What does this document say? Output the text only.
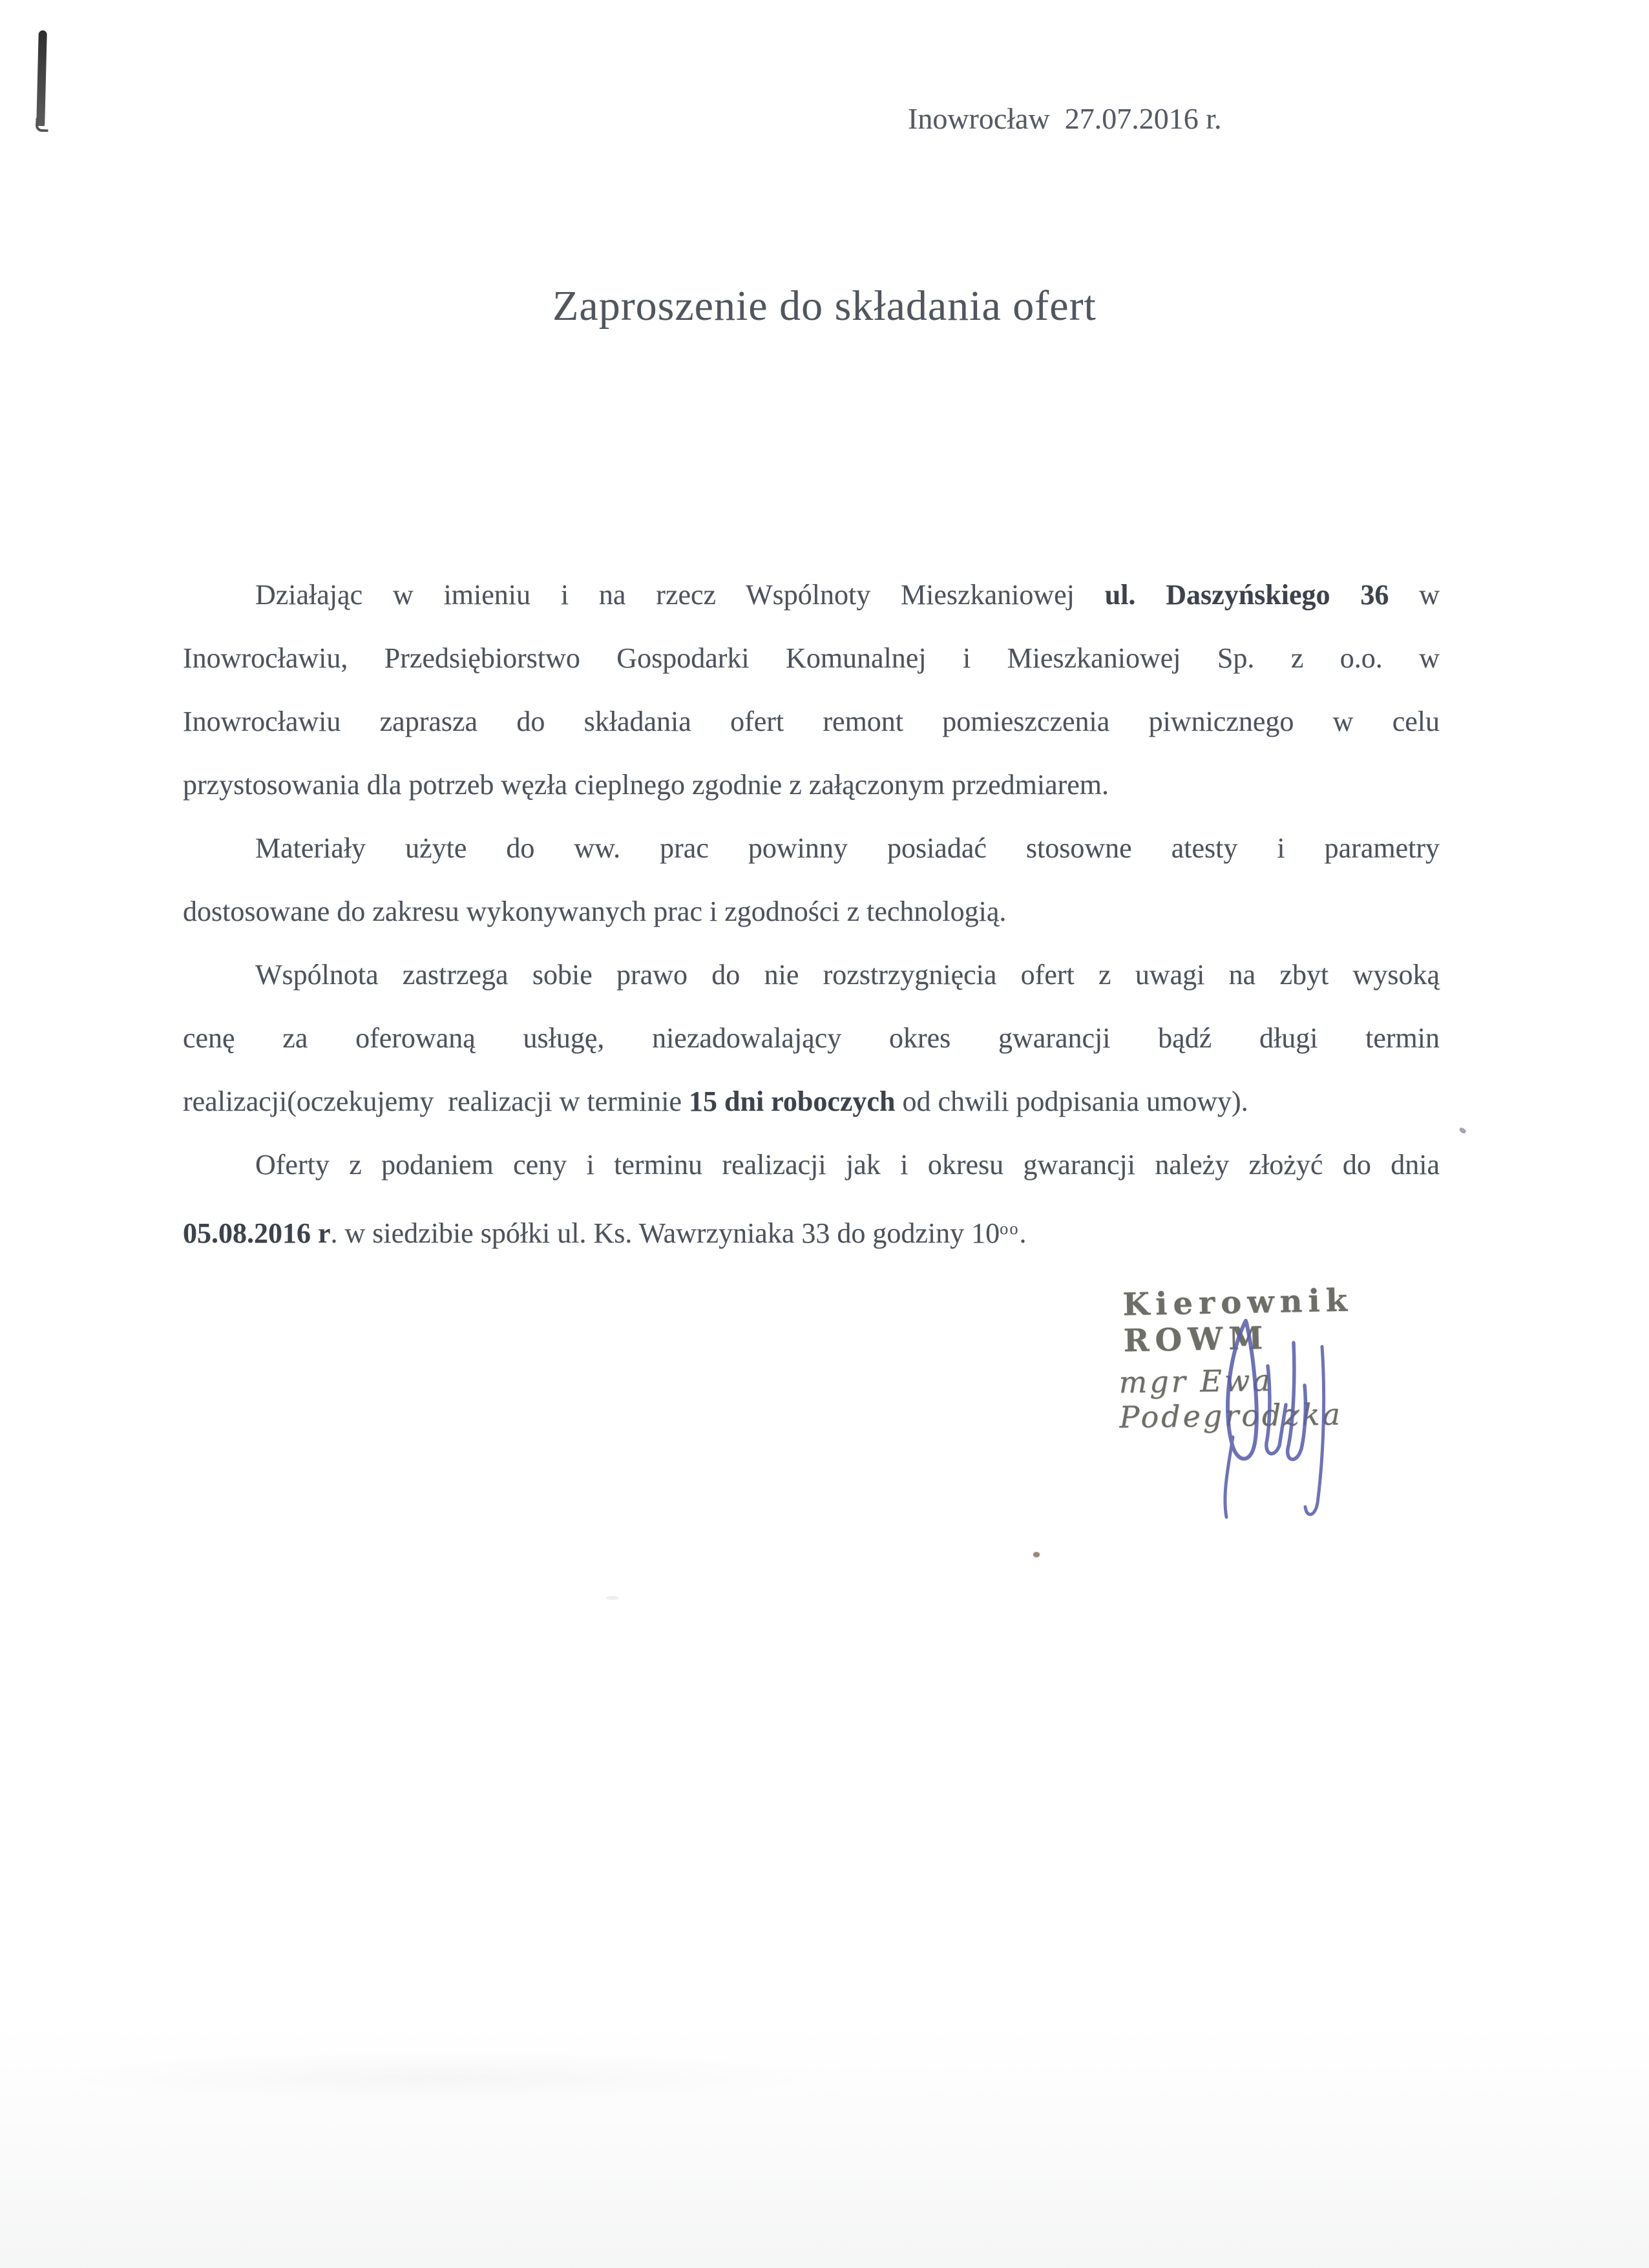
Inowrocław  27.07.2016 r.
Zaproszenie do składania ofert
Działając w imieniu i na rzecz Wspólnoty Mieszkaniowej ul. Daszyńskiego 36 w
Inowrocławiu, Przedsiębiorstwo Gospodarki Komunalnej i Mieszkaniowej Sp. z o.o. w
Inowrocławiu zaprasza do składania ofert remont pomieszczenia piwnicznego w celu
przystosowania dla potrzeb węzła cieplnego zgodnie z załączonym przedmiarem.
Materiały użyte do ww. prac powinny posiadać stosowne atesty i parametry
dostosowane do zakresu wykonywanych prac i zgodności z technologią.
Wspólnota zastrzega sobie prawo do nie rozstrzygnięcia ofert z uwagi na zbyt wysoką
cenę za oferowaną usługę, niezadowalający okres gwarancji bądź długi termin
realizacji(oczekujemy  realizacji w terminie 15 dni roboczych od chwili podpisania umowy).
Oferty z podaniem ceny i terminu realizacji jak i okresu gwarancji należy złożyć do dnia
05.08.2016 r. w siedzibie spółki ul. Ks. Wawrzyniaka 33 do godziny $10^{oo}$.
Kierownik ROWM
mgr Ewa Podegrodzka
